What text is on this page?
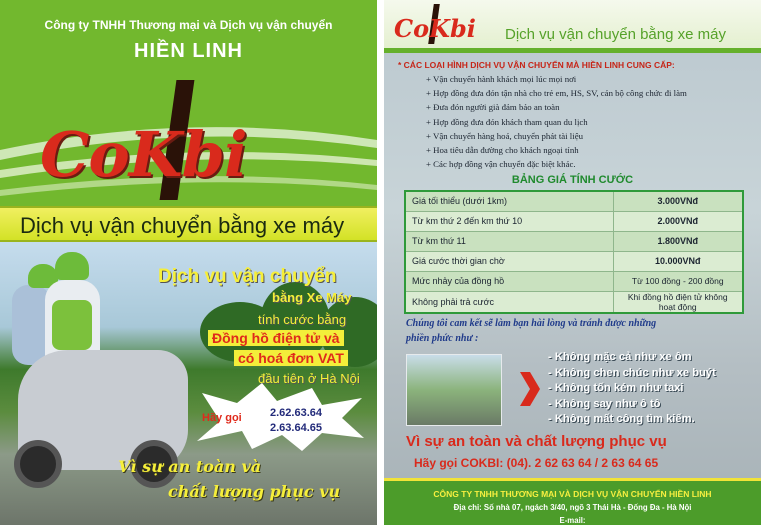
Công ty TNHH Thương mại và Dịch vụ vận chuyển
HIỀN LINH
CoKbi
Dịch vụ vận chuyển bằng xe máy
Dịch vụ vận chuyển
bằng Xe Máy
tính cước bằng
Đồng hồ điện tử và
có hoá đơn VAT
đầu tiên ở Hà Nội
Hãy gọi	2.62.63.64
2.63.64.65
Vì sự an toàn và
chất lượng phục vụ
CoKbi Dịch vụ vận chuyển bằng xe máy
* CÁC LOẠI HÌNH DỊCH VỤ VẬN CHUYỂN MÀ HIỀN LINH CUNG CẤP:
+ Vận chuyển hành khách mọi lúc mọi nơi
+ Hợp đồng đưa đón tận nhà cho trẻ em, HS, SV, cán bộ công chức đi làm
+ Đưa đón người già đảm bảo an toàn
+ Hợp đồng đưa đón khách tham quan du lịch
+ Vận chuyển hàng hoá, chuyển phát tài liệu
+ Hoa tiêu dẫn đường cho khách ngoại tỉnh
+ Các hợp đồng vận chuyển đặc biệt khác.
BẢNG GIÁ TÍNH CƯỚC
Giá tối thiểu (dưới 1km)	3.000VNđ
Từ km thứ 2 đến km thứ 10	2.000VNđ
Từ km thứ 11	1.800VNđ
Giá cước thời gian chờ	10.000VNđ
Mức nhảy của đồng hồ	Từ 100 đồng - 200 đồng
Không phải trả cước	Khi đồng hồ điện tử không hoạt động
Chúng tôi cam kết sẽ làm bạn hài lòng và tránh được những
phiền phức như :
- Không mặc cả như xe ôm
- Không chen chúc như xe buýt
- Không tốn kém như taxi
- Không say như ô tô
- Không mất công tìm kiếm.
Vì sự an toàn và chất lượng phục vụ
Hãy gọi COKBI: (04). 2 62 63 64 / 2 63 64 65
CÔNG TY TNHH THƯƠNG MẠI VÀ DỊCH VỤ VẬN CHUYỂN HIỀN LINH
Địa chỉ: Số nhà 07, ngách 3/40, ngõ 3 Thái Hà - Đống Đa - Hà Nội
E-mail:
